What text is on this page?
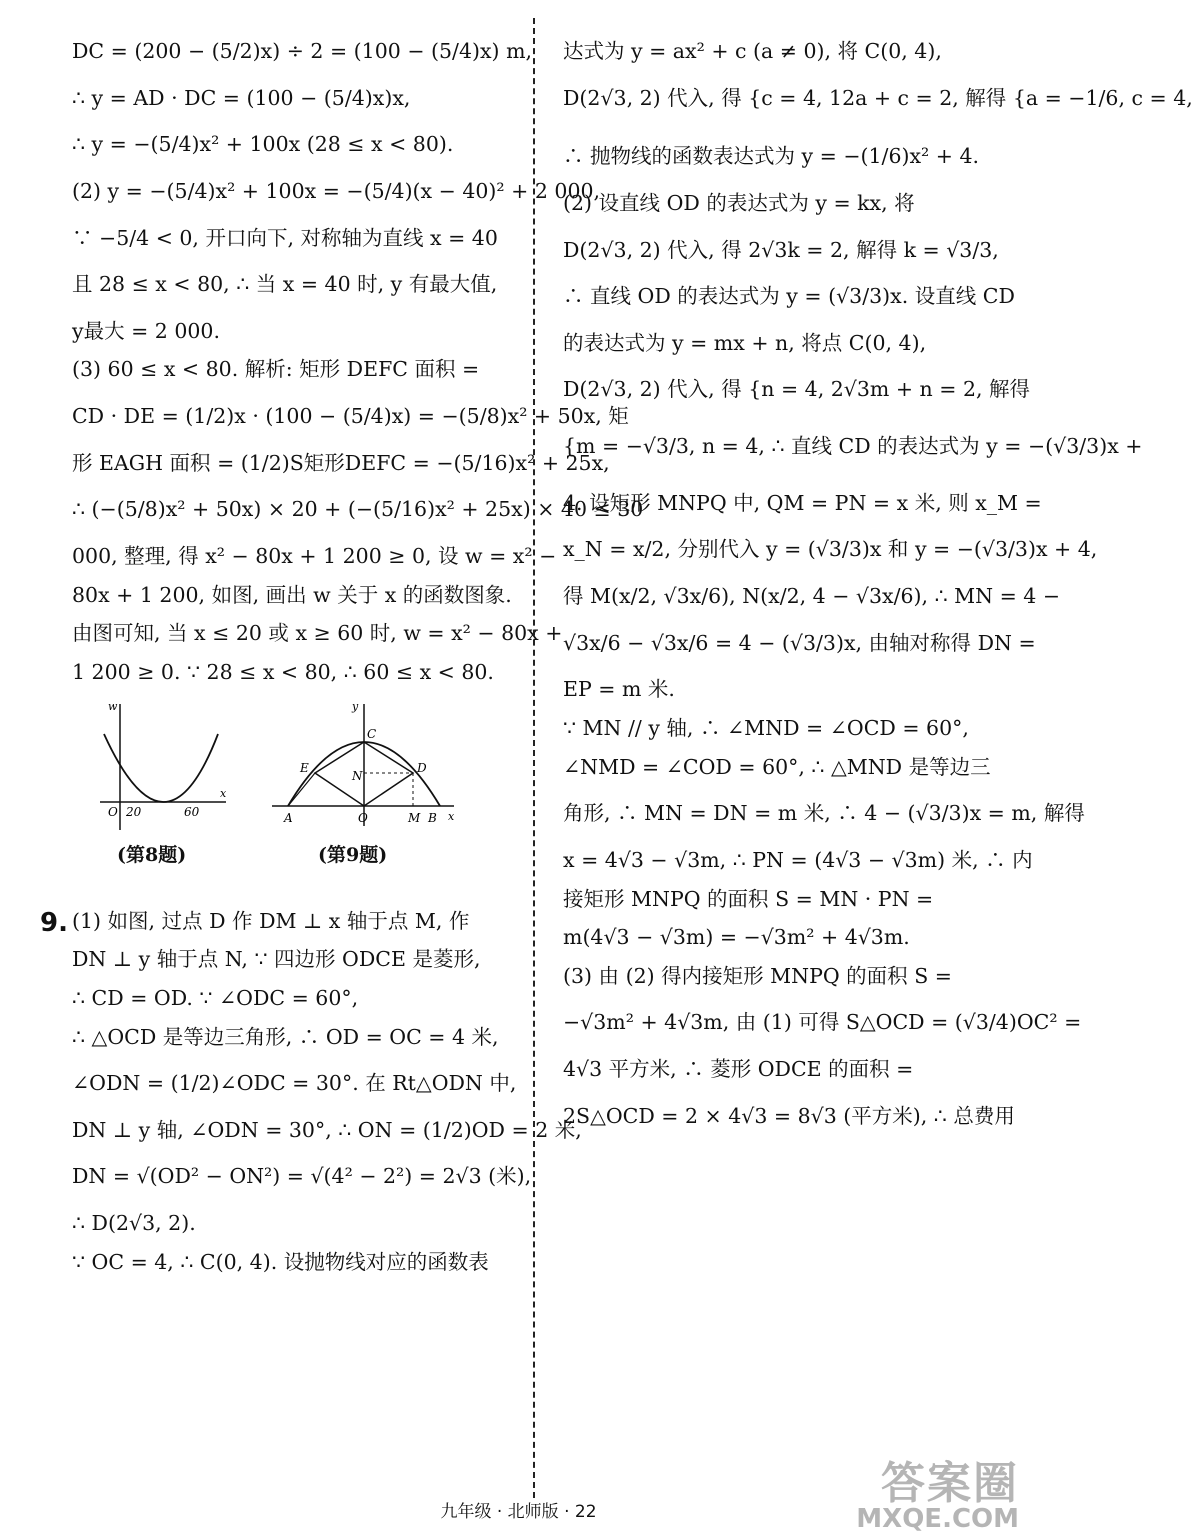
DC = (200 − (5/2)x) ÷ 2 = (100 − (5/4)x) m,
∴ y = AD · DC = (100 − (5/4)x)x,
∴ y = −(5/4)x² + 100x (28 ≤ x < 80).
(2) y = −(5/4)x² + 100x = −(5/4)(x − 40)² + 2 000,
∵ −5/4 < 0, 开口向下, 对称轴为直线 x = 40
且 28 ≤ x < 80, ∴ 当 x = 40 时, y 有最大值,
y最大 = 2 000.
(3) 60 ≤ x < 80. 解析: 矩形 DEFC 面积 =
CD · DE = (1/2)x · (100 − (5/4)x) = −(5/8)x² + 50x, 矩
形 EAGH 面积 = (1/2)S矩形DEFC = −(5/16)x² + 25x,
∴ (−(5/8)x² + 50x) × 20 + (−(5/16)x² + 25x) × 40 ≤ 30
000, 整理, 得 x² − 80x + 1 200 ≥ 0, 设 w = x² −
80x + 1 200, 如图, 画出 w 关于 x 的函数图象.
由图可知, 当 x ≤ 20 或 x ≥ 60 时, w = x² − 80x +
1 200 ≥ 0. ∵ 28 ≤ x < 80, ∴ 60 ≤ x < 80.
w
x
O 20	60
y
x
C
E
N
D
A	O	M B
(第8题)	(第9题)
9. (1) 如图, 过点 D 作 DM ⊥ x 轴于点 M, 作
DN ⊥ y 轴于点 N, ∵ 四边形 ODCE 是菱形,
∴ CD = OD. ∵ ∠ODC = 60°,
∴ △OCD 是等边三角形, ∴ OD = OC = 4 米,
∠ODN = (1/2)∠ODC = 30°. 在 Rt△ODN 中,
DN ⊥ y 轴, ∠ODN = 30°, ∴ ON = (1/2)OD = 2 米,
DN = √(OD² − ON²) = √(4² − 2²) = 2√3 (米),
∴ D(2√3, 2).
∵ OC = 4, ∴ C(0, 4). 设抛物线对应的函数表
达式为 y = ax² + c (a ≠ 0), 将 C(0, 4),
D(2√3, 2) 代入, 得 {c = 4, 12a + c = 2, 解得 {a = −1/6, c = 4,
∴ 抛物线的函数表达式为 y = −(1/6)x² + 4.
(2) 设直线 OD 的表达式为 y = kx, 将
D(2√3, 2) 代入, 得 2√3k = 2, 解得 k = √3/3,
∴ 直线 OD 的表达式为 y = (√3/3)x. 设直线 CD
的表达式为 y = mx + n, 将点 C(0, 4),
D(2√3, 2) 代入, 得 {n = 4, 2√3m + n = 2, 解得
{m = −√3/3, n = 4, ∴ 直线 CD 的表达式为 y = −(√3/3)x +
4. 设矩形 MNPQ 中, QM = PN = x 米, 则 x_M =
x_N = x/2, 分别代入 y = (√3/3)x 和 y = −(√3/3)x + 4,
得 M(x/2, √3x/6), N(x/2, 4 − √3x/6), ∴ MN = 4 −
√3x/6 − √3x/6 = 4 − (√3/3)x, 由轴对称得 DN =
EP = m 米.
∵ MN // y 轴, ∴ ∠MND = ∠OCD = 60°,
∠NMD = ∠COD = 60°, ∴ △MND 是等边三
角形, ∴ MN = DN = m 米, ∴ 4 − (√3/3)x = m, 解得
x = 4√3 − √3m, ∴ PN = (4√3 − √3m) 米, ∴ 内
接矩形 MNPQ 的面积 S = MN · PN =
m(4√3 − √3m) = −√3m² + 4√3m.
(3) 由 (2) 得内接矩形 MNPQ 的面积 S =
−√3m² + 4√3m, 由 (1) 可得 S△OCD = (√3/4)OC² =
4√3 平方米, ∴ 菱形 ODCE 的面积 =
2S△OCD = 2 × 4√3 = 8√3 (平方米), ∴ 总费用
九年级 · 北师版 · 22
答案圈
MXQE.COM
